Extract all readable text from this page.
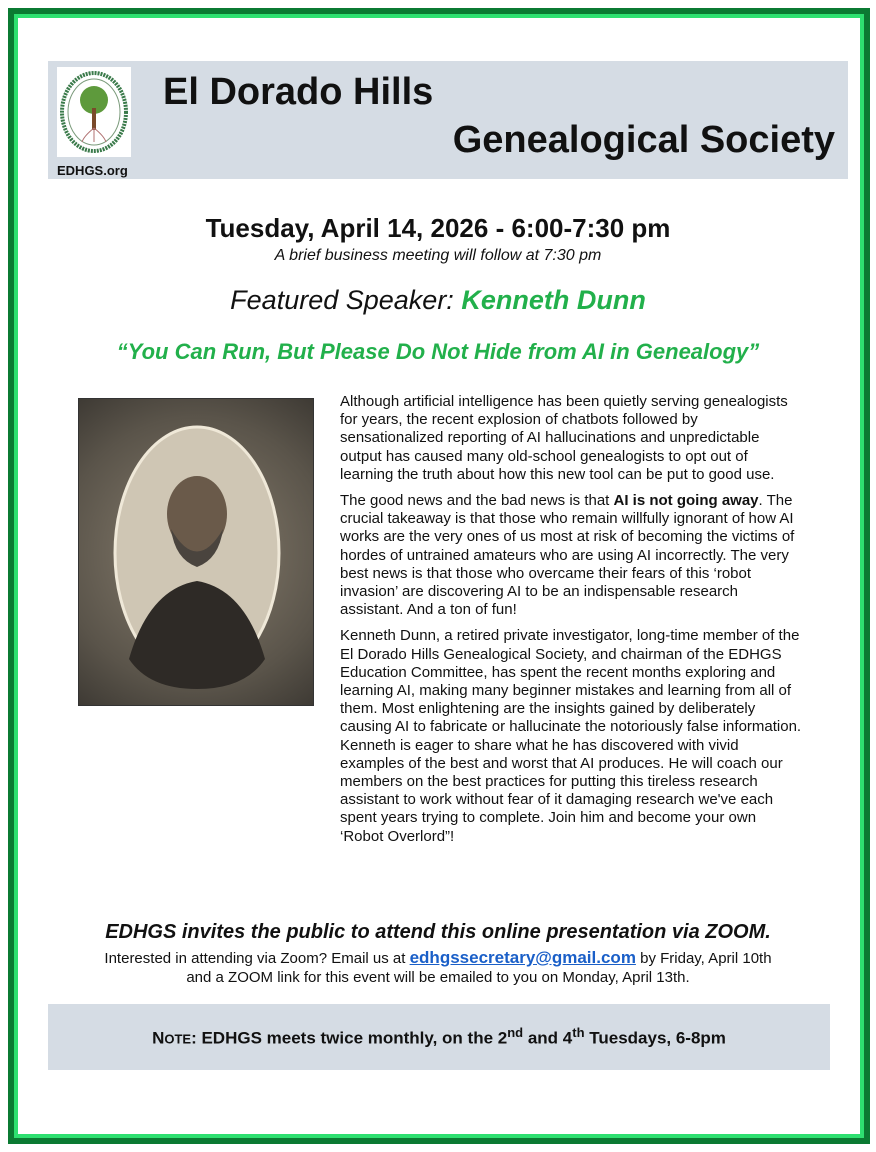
EDHGS.org
El Dorado Hills
Genealogical Society
Tuesday, April 14, 2026 - 6:00-7:30 pm
A brief business meeting will follow at 7:30 pm
Featured Speaker: Kenneth Dunn
“You Can Run, But Please Do Not Hide from AI in Genealogy”

Although artificial intelligence has been quietly serving genealogists for years, the recent explosion of chatbots followed by sensationalized reporting of AI hallucinations and unpredictable output has caused many old-school genealogists to opt out of learning the truth about how this new tool can be put to good use.

The good news and the bad news is that AI is not going away. The crucial takeaway is that those who remain willfully ignorant of how AI works are the very ones of us most at risk of becoming the victims of hordes of untrained amateurs who are using AI incorrectly. The very best news is that those who overcame their fears of this ‘robot invasion’ are discovering AI to be an indispensable research assistant. And a ton of fun!

Kenneth Dunn, a retired private investigator, long-time member of the El Dorado Hills Genealogical Society, and chairman of the EDHGS Education Committee, has spent the recent months exploring and learning AI, making many beginner mistakes and learning from all of them. Most enlightening are the insights gained by deliberately causing AI to fabricate or hallucinate the notoriously false information. Kenneth is eager to share what he has discovered with vivid examples of the best and worst that AI produces. He will coach our members on the best practices for putting this tireless research assistant to work without fear of it damaging research we've each spent years trying to complete. Join him and become your own ‘Robot Overlord”!

EDHGS invites the public to attend this online presentation via ZOOM.
Interested in attending via Zoom? Email us at edhgssecretary@gmail.com by Friday, April 10th
and a ZOOM link for this event will be emailed to you on Monday, April 13th.
NOTE: EDHGS meets twice monthly, on the 2nd and 4th Tuesdays, 6-8pm
